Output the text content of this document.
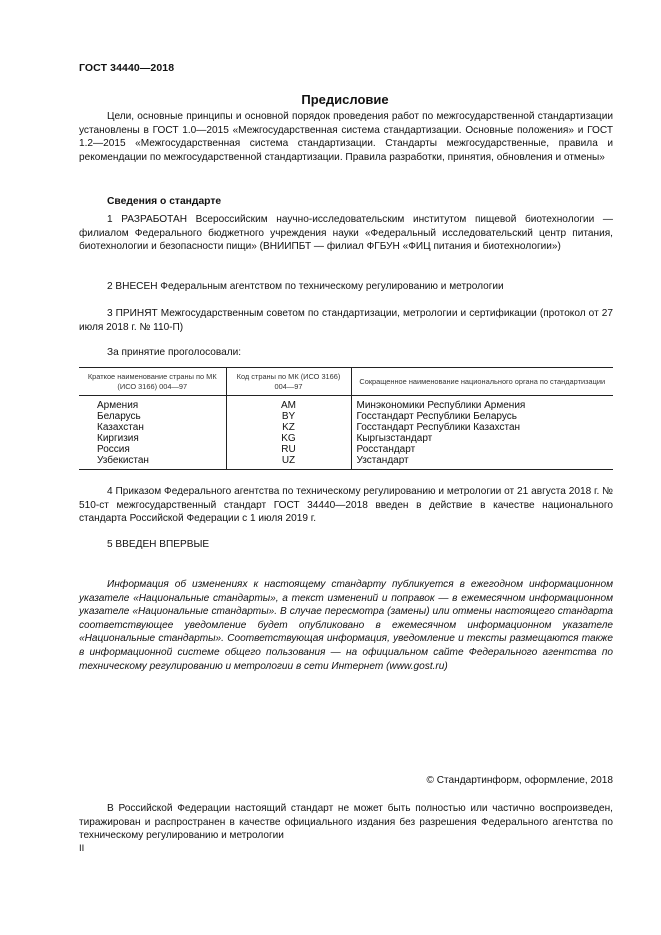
ГОСТ 34440—2018
Предисловие

Цели, основные принципы и основной порядок проведения работ по межгосударственной стандартизации установлены в ГОСТ 1.0—2015 «Межгосударственная система стандартизации. Основные положения» и ГОСТ 1.2—2015 «Межгосударственная система стандартизации. Стандарты межгосударственные, правила и рекомендации по межгосударственной стандартизации. Правила разработки, принятия, обновления и отмены»

Сведения о стандарте

1 РАЗРАБОТАН Всероссийским научно-исследовательским институтом пищевой биотехнологии — филиалом Федерального бюджетного учреждения науки «Федеральный исследовательский центр питания, биотехнологии и безопасности пищи» (ВНИИПБТ — филиал ФГБУН «ФИЦ питания и биотехнологии»)

2 ВНЕСЕН Федеральным агентством по техническому регулированию и метрологии

3 ПРИНЯТ Межгосударственным советом по стандартизации, метрологии и сертификации (протокол от 27 июля 2018 г. № 110-П)

За принятие проголосовали:
Краткое наименование страны по МК (ИСО 3166) 004—97	Код страны по МК (ИСО 3166) 004—97	Сокращенное наименование национального органа по стандартизации
Армения	AM	Минэкономики Республики Армения
Беларусь	BY	Госстандарт Республики Беларусь
Казахстан	KZ	Госстандарт Республики Казахстан
Киргизия	KG	Кыргызстандарт
Россия	RU	Росстандарт
Узбекистан	UZ	Узстандарт

4 Приказом Федерального агентства по техническому регулированию и метрологии от 21 августа 2018 г. № 510-ст межгосударственный стандарт ГОСТ 34440—2018 введен в действие в качестве национального стандарта Российской Федерации с 1 июля 2019 г.

5 ВВЕДЕН ВПЕРВЫЕ

Информация об изменениях к настоящему стандарту публикуется в ежегодном информационном указателе «Национальные стандарты», а текст изменений и поправок — в ежемесячном информационном указателе «Национальные стандарты». В случае пересмотра (замены) или отмены настоящего стандарта соответствующее уведомление будет опубликовано в ежемесячном информационном указателе «Национальные стандарты». Соответствующая информация, уведомление и тексты размещаются также в информационной системе общего пользования — на официальном сайте Федерального агентства по техническому регулированию и метрологии в сети Интернет (www.gost.ru)

© Стандартинформ, оформление, 2018

В Российской Федерации настоящий стандарт не может быть полностью или частично воспроизведен, тиражирован и распространен в качестве официального издания без разрешения Федерального агентства по техническому регулированию и метрологии

II
